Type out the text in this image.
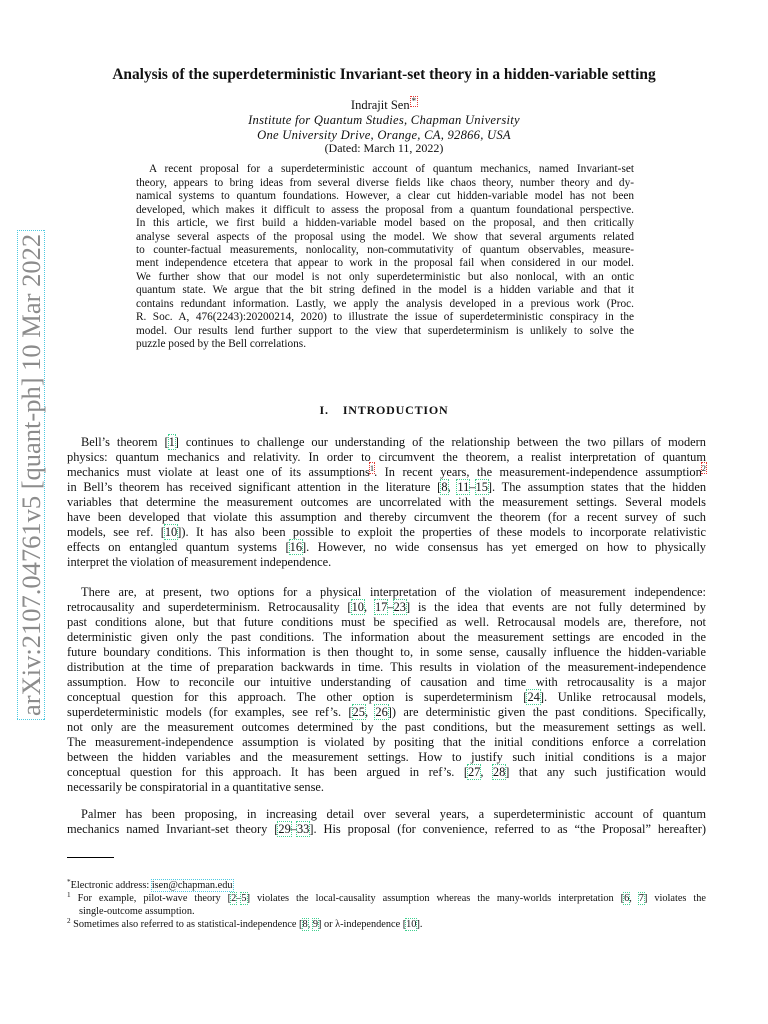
arXiv:2107.04761v5 [quant-ph] 10 Mar 2022
Analysis of the superdeterministic Invariant-set theory in a hidden-variable setting
Indrajit Sen *
Institute for Quantum Studies, Chapman University
One University Drive, Orange, CA, 92866, USA
(Dated: March 11, 2022)
A recent proposal for a superdeterministic account of quantum mechanics, named Invariant-set
theory, appears to bring ideas from several diverse fields like chaos theory, number theory and dy-
namical systems to quantum foundations. However, a clear cut hidden-variable model has not been
developed, which makes it difficult to assess the proposal from a quantum foundational perspective.
In this article, we first build a hidden-variable model based on the proposal, and then critically
analyse several aspects of the proposal using the model. We show that several arguments related
to counter-factual measurements, nonlocality, non-commutativity of quantum observables, measure-
ment independence etcetera that appear to work in the proposal fail when considered in our model.
We further show that our model is not only superdeterministic but also nonlocal, with an ontic
quantum state. We argue that the bit string defined in the model is a hidden variable and that it
contains redundant information. Lastly, we apply the analysis developed in a previous work (Proc.
R. Soc. A, 476(2243):20200214, 2020) to illustrate the issue of superdeterministic conspiracy in the
model. Our results lend further support to the view that superdeterminism is unlikely to solve the
puzzle posed by the Bell correlations.
I. INTRODUCTION
Bell’s theorem [1] continues to challenge our understanding of the relationship between the two pillars of modern
physics: quantum mechanics and relativity. In order to circumvent the theorem, a realist interpretation of quantum
mechanics must violate at least one of its assumptions$^1$. In recent years, the measurement-independence assumption$^2$
in Bell’s theorem has received significant attention in the literature [8, 11–15]. The assumption states that the hidden
variables that determine the measurement outcomes are uncorrelated with the measurement settings. Several models
have been developed that violate this assumption and thereby circumvent the theorem (for a recent survey of such
models, see ref. [10]). It has also been possible to exploit the properties of these models to incorporate relativistic
effects on entangled quantum systems [16]. However, no wide consensus has yet emerged on how to physically
interpret the violation of measurement independence.
There are, at present, two options for a physical interpretation of the violation of measurement independence:
retrocausality and superdeterminism. Retrocausality [10, 17–23] is the idea that events are not fully determined by
past conditions alone, but that future conditions must be specified as well. Retrocausal models are, therefore, not
deterministic given only the past conditions. The information about the measurement settings are encoded in the
future boundary conditions. This information is then thought to, in some sense, causally influence the hidden-variable
distribution at the time of preparation backwards in time. This results in violation of the measurement-independence
assumption. How to reconcile our intuitive understanding of causation and time with retrocausality is a major
conceptual question for this approach. The other option is superdeterminism [24]. Unlike retrocausal models,
superdeterministic models (for examples, see ref’s. [25, 26]) are deterministic given the past conditions. Specifically,
not only are the measurement outcomes determined by the past conditions, but the measurement settings as well.
The measurement-independence assumption is violated by positing that the initial conditions enforce a correlation
between the hidden variables and the measurement settings. How to justify such initial conditions is a major
conceptual question for this approach. It has been argued in ref’s. [27, 28] that any such justification would
necessarily be conspiratorial in a quantitative sense.
Palmer has been proposing, in increasing detail over several years, a superdeterministic account of quantum
mechanics named Invariant-set theory [29–33]. His proposal (for convenience, referred to as “the Proposal” hereafter)
*Electronic address: isen@chapman.edu
$^1$ For example, pilot-wave theory [2–5] violates the local-causality assumption whereas the many-worlds interpretation [6, 7] violates the
single-outcome assumption.
$^2$ Sometimes also referred to as statistical-independence [8, 9] or λ-independence [10].
